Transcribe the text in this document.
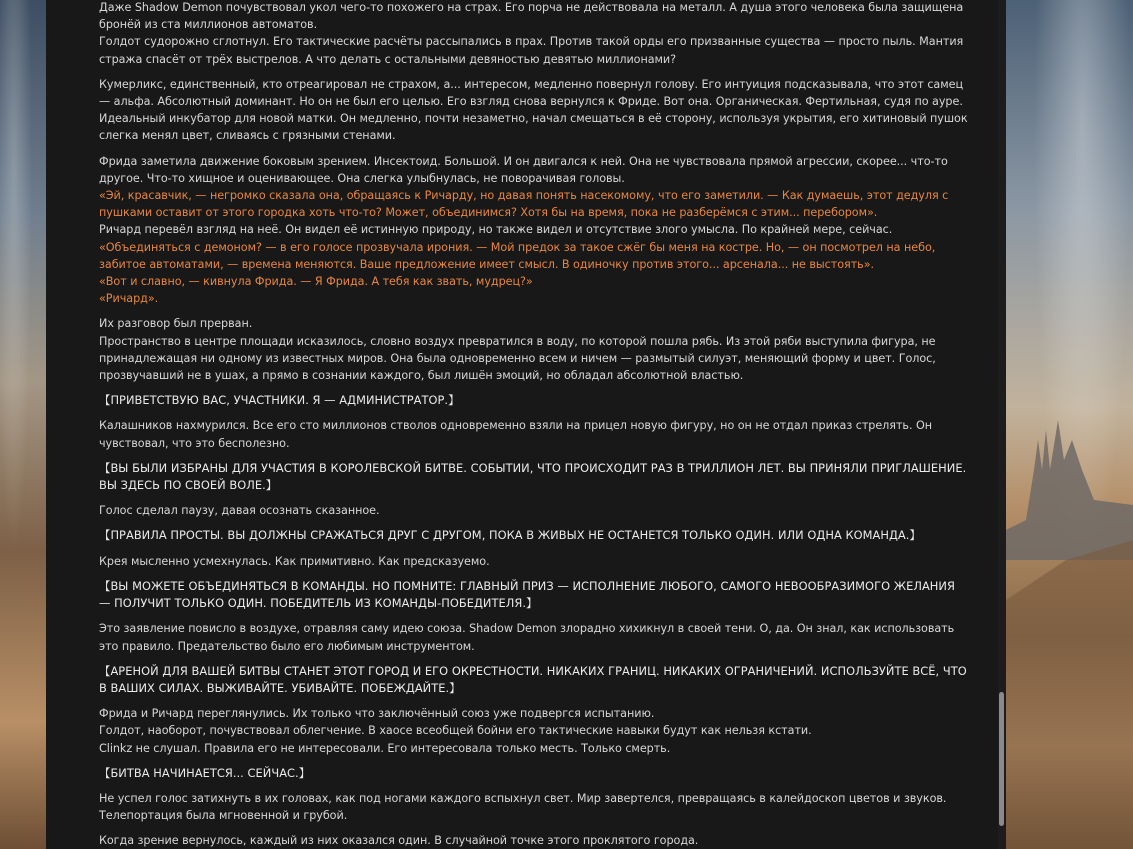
Даже Shadow Demon почувствовал укол чего-то похожего на страх. Его порча не действовала на металл. А душа этого человека была защищена бронёй из ста миллионов автоматов.
Голдот судорожно сглотнул. Его тактические расчёты рассыпались в прах. Против такой орды его призванные существа — просто пыль. Мантия стража спасёт от трёх выстрелов. А что делать с остальными девяностью девятью миллионами?

Кумерликс, единственный, кто отреагировал не страхом, а... интересом, медленно повернул голову. Его интуиция подсказывала, что этот самец — альфа. Абсолютный доминант. Но он не был его целью. Его взгляд снова вернулся к Фриде. Вот она. Органическая. Фертильная, судя по ауре. Идеальный инкубатор для новой матки. Он медленно, почти незаметно, начал смещаться в её сторону, используя укрытия, его хитиновый пушок слегка менял цвет, сливаясь с грязными стенами.

Фрида заметила движение боковым зрением. Инсектоид. Большой. И он двигался к ней. Она не чувствовала прямой агрессии, скорее... что-то другое. Что-то хищное и оценивающее. Она слегка улыбнулась, не поворачивая головы.
«Эй, красавчик, — негромко сказала она, обращаясь к Ричарду, но давая понять насекомому, что его заметили. — Как думаешь, этот дедуля с пушками оставит от этого городка хоть что-то? Может, объединимся? Хотя бы на время, пока не разберёмся с этим... перебором».
Ричард перевёл взгляд на неё. Он видел её истинную природу, но также видел и отсутствие злого умысла. По крайней мере, сейчас.
«Объединяться с демоном? — в его голосе прозвучала ирония. — Мой предок за такое сжёг бы меня на костре. Но, — он посмотрел на небо, забитое автоматами, — времена меняются. Ваше предложение имеет смысл. В одиночку против этого... арсенала... не выстоять».
«Вот и славно, — кивнула Фрида. — Я Фрида. А тебя как звать, мудрец?»
«Ричард».

Их разговор был прерван.
Пространство в центре площади исказилось, словно воздух превратился в воду, по которой пошла рябь. Из этой ряби выступила фигура, не принадлежащая ни одному из известных миров. Она была одновременно всем и ничем — размытый силуэт, меняющий форму и цвет. Голос, прозвучавший не в ушах, а прямо в сознании каждого, был лишён эмоций, но обладал абсолютной властью.

【ПРИВЕТСТВУЮ ВАС, УЧАСТНИКИ. Я — АДМИНИСТРАТОР.】

Калашников нахмурился. Все его сто миллионов стволов одновременно взяли на прицел новую фигуру, но он не отдал приказ стрелять. Он чувствовал, что это бесполезно.

【ВЫ БЫЛИ ИЗБРАНЫ ДЛЯ УЧАСТИЯ В КОРОЛЕВСКОЙ БИТВЕ. СОБЫТИИ, ЧТО ПРОИСХОДИТ РАЗ В ТРИЛЛИОН ЛЕТ. ВЫ ПРИНЯЛИ ПРИГЛАШЕНИЕ. ВЫ ЗДЕСЬ ПО СВОЕЙ ВОЛЕ.】

Голос сделал паузу, давая осознать сказанное.

【ПРАВИЛА ПРОСТЫ. ВЫ ДОЛЖНЫ СРАЖАТЬСЯ ДРУГ С ДРУГОМ, ПОКА В ЖИВЫХ НЕ ОСТАНЕТСЯ ТОЛЬКО ОДИН. ИЛИ ОДНА КОМАНДА.】

Крея мысленно усмехнулась. Как примитивно. Как предсказуемо.

【ВЫ МОЖЕТЕ ОБЪЕДИНЯТЬСЯ В КОМАНДЫ. НО ПОМНИТЕ: ГЛАВНЫЙ ПРИЗ — ИСПОЛНЕНИЕ ЛЮБОГО, САМОГО НЕВООБРАЗИМОГО ЖЕЛАНИЯ — ПОЛУЧИТ ТОЛЬКО ОДИН. ПОБЕДИТЕЛЬ ИЗ КОМАНДЫ-ПОБЕДИТЕЛЯ.】

Это заявление повисло в воздухе, отравляя саму идею союза. Shadow Demon злорадно хихикнул в своей тени. О, да. Он знал, как использовать это правило. Предательство было его любимым инструментом.

【АРЕНОЙ ДЛЯ ВАШЕЙ БИТВЫ СТАНЕТ ЭТОТ ГОРОД И ЕГО ОКРЕСТНОСТИ. НИКАКИХ ГРАНИЦ. НИКАКИХ ОГРАНИЧЕНИЙ. ИСПОЛЬЗУЙТЕ ВСЁ, ЧТО В ВАШИХ СИЛАХ. ВЫЖИВАЙТЕ. УБИВАЙТЕ. ПОБЕЖДАЙТЕ.】

Фрида и Ричард переглянулись. Их только что заключённый союз уже подвергся испытанию.
Голдот, наоборот, почувствовал облегчение. В хаосе всеобщей бойни его тактические навыки будут как нельзя кстати.
Clinkz не слушал. Правила его не интересовали. Его интересовала только месть. Только смерть.

【БИТВА НАЧИНАЕТСЯ... СЕЙЧАС.】

Не успел голос затихнуть в их головах, как под ногами каждого вспыхнул свет. Мир завертелся, превращаясь в калейдоскоп цветов и звуков. Телепортация была мгновенной и грубой.

Когда зрение вернулось, каждый из них оказался один. В случайной точке этого проклятого города.
